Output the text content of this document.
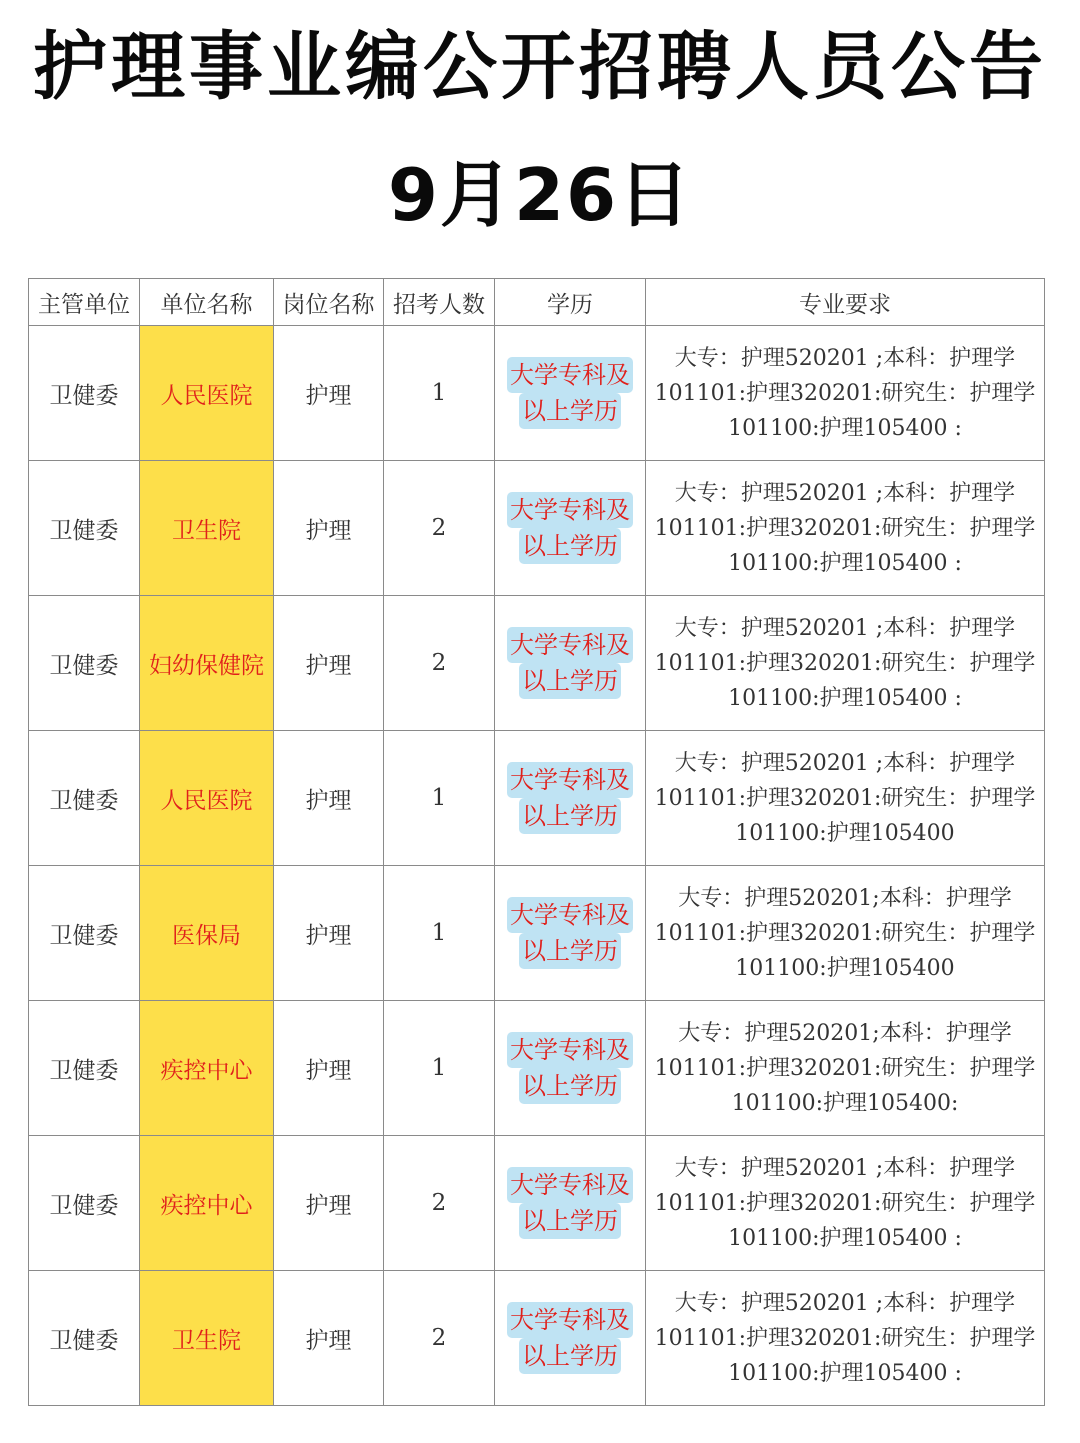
护理事业编公开招聘人员公告
9月26日
主管单位	单位名称	岗位名称	招考人数	学历	专业要求
卫健委	人民医院	护理	1	大学专科及
以上学历	大专：护理520201 ;本科：护理学
101101:护理320201:研究生：护理学
101100:护理105400 :

卫健委	卫生院	护理	2	大学专科及
以上学历	大专：护理520201 ;本科：护理学
101101:护理320201:研究生：护理学
101100:护理105400 :

卫健委	妇幼保健院	护理	2	大学专科及
以上学历	大专：护理520201 ;本科：护理学
101101:护理320201:研究生：护理学
101100:护理105400 :

卫健委	人民医院	护理	1	大学专科及
以上学历	大专：护理520201 ;本科：护理学
101101:护理320201:研究生：护理学
101100:护理105400

卫健委	医保局	护理	1	大学专科及
以上学历	大专：护理520201;本科：护理学
101101:护理320201:研究生：护理学
101100:护理105400

卫健委	疾控中心	护理	1	大学专科及
以上学历	大专：护理520201;本科：护理学
101101:护理320201:研究生：护理学
101100:护理105400:

卫健委	疾控中心	护理	2	大学专科及
以上学历	大专：护理520201 ;本科：护理学
101101:护理320201:研究生：护理学
101100:护理105400 :

卫健委	卫生院	护理	2	大学专科及
以上学历	大专：护理520201 ;本科：护理学
101101:护理320201:研究生：护理学
101100:护理105400 :
